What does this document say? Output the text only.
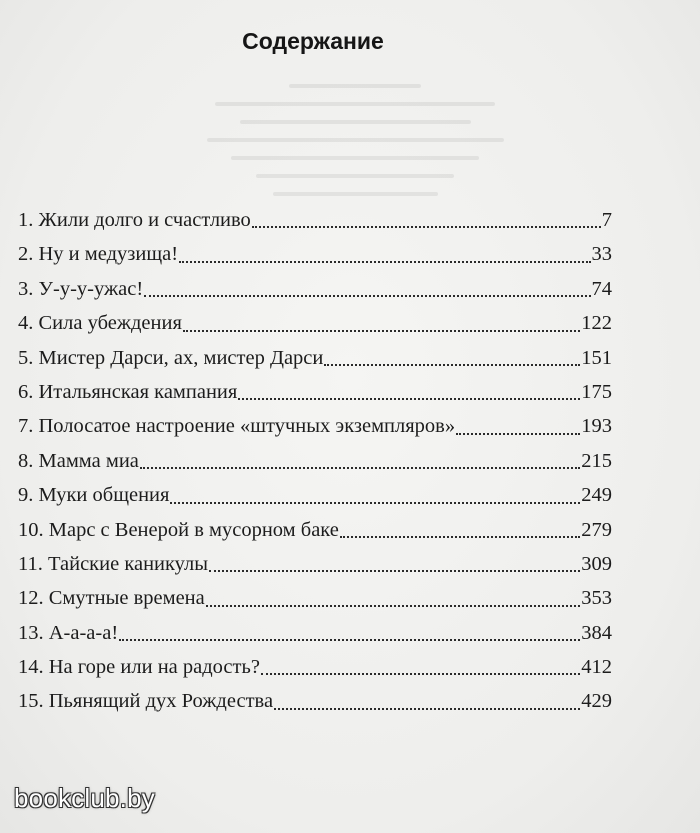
Содержание
1. Жили долго и счастливо	7
2. Ну и медузища!	33
3. У-у-у-ужас!	74
4. Сила убеждения	122
5. Мистер Дарси, ах, мистер Дарси	151
6. Итальянская кампания	175
7. Полосатое настроение «штучных экземпляров»	193
8. Мамма миа	215
9. Муки общения	249
10. Марс с Венерой в мусорном баке	279
11. Тайские каникулы	309
12. Смутные времена	353
13. А-а-а-а!	384
14. На горе или на радость?	412
15. Пьянящий дух Рождества	429
bookclub.by
